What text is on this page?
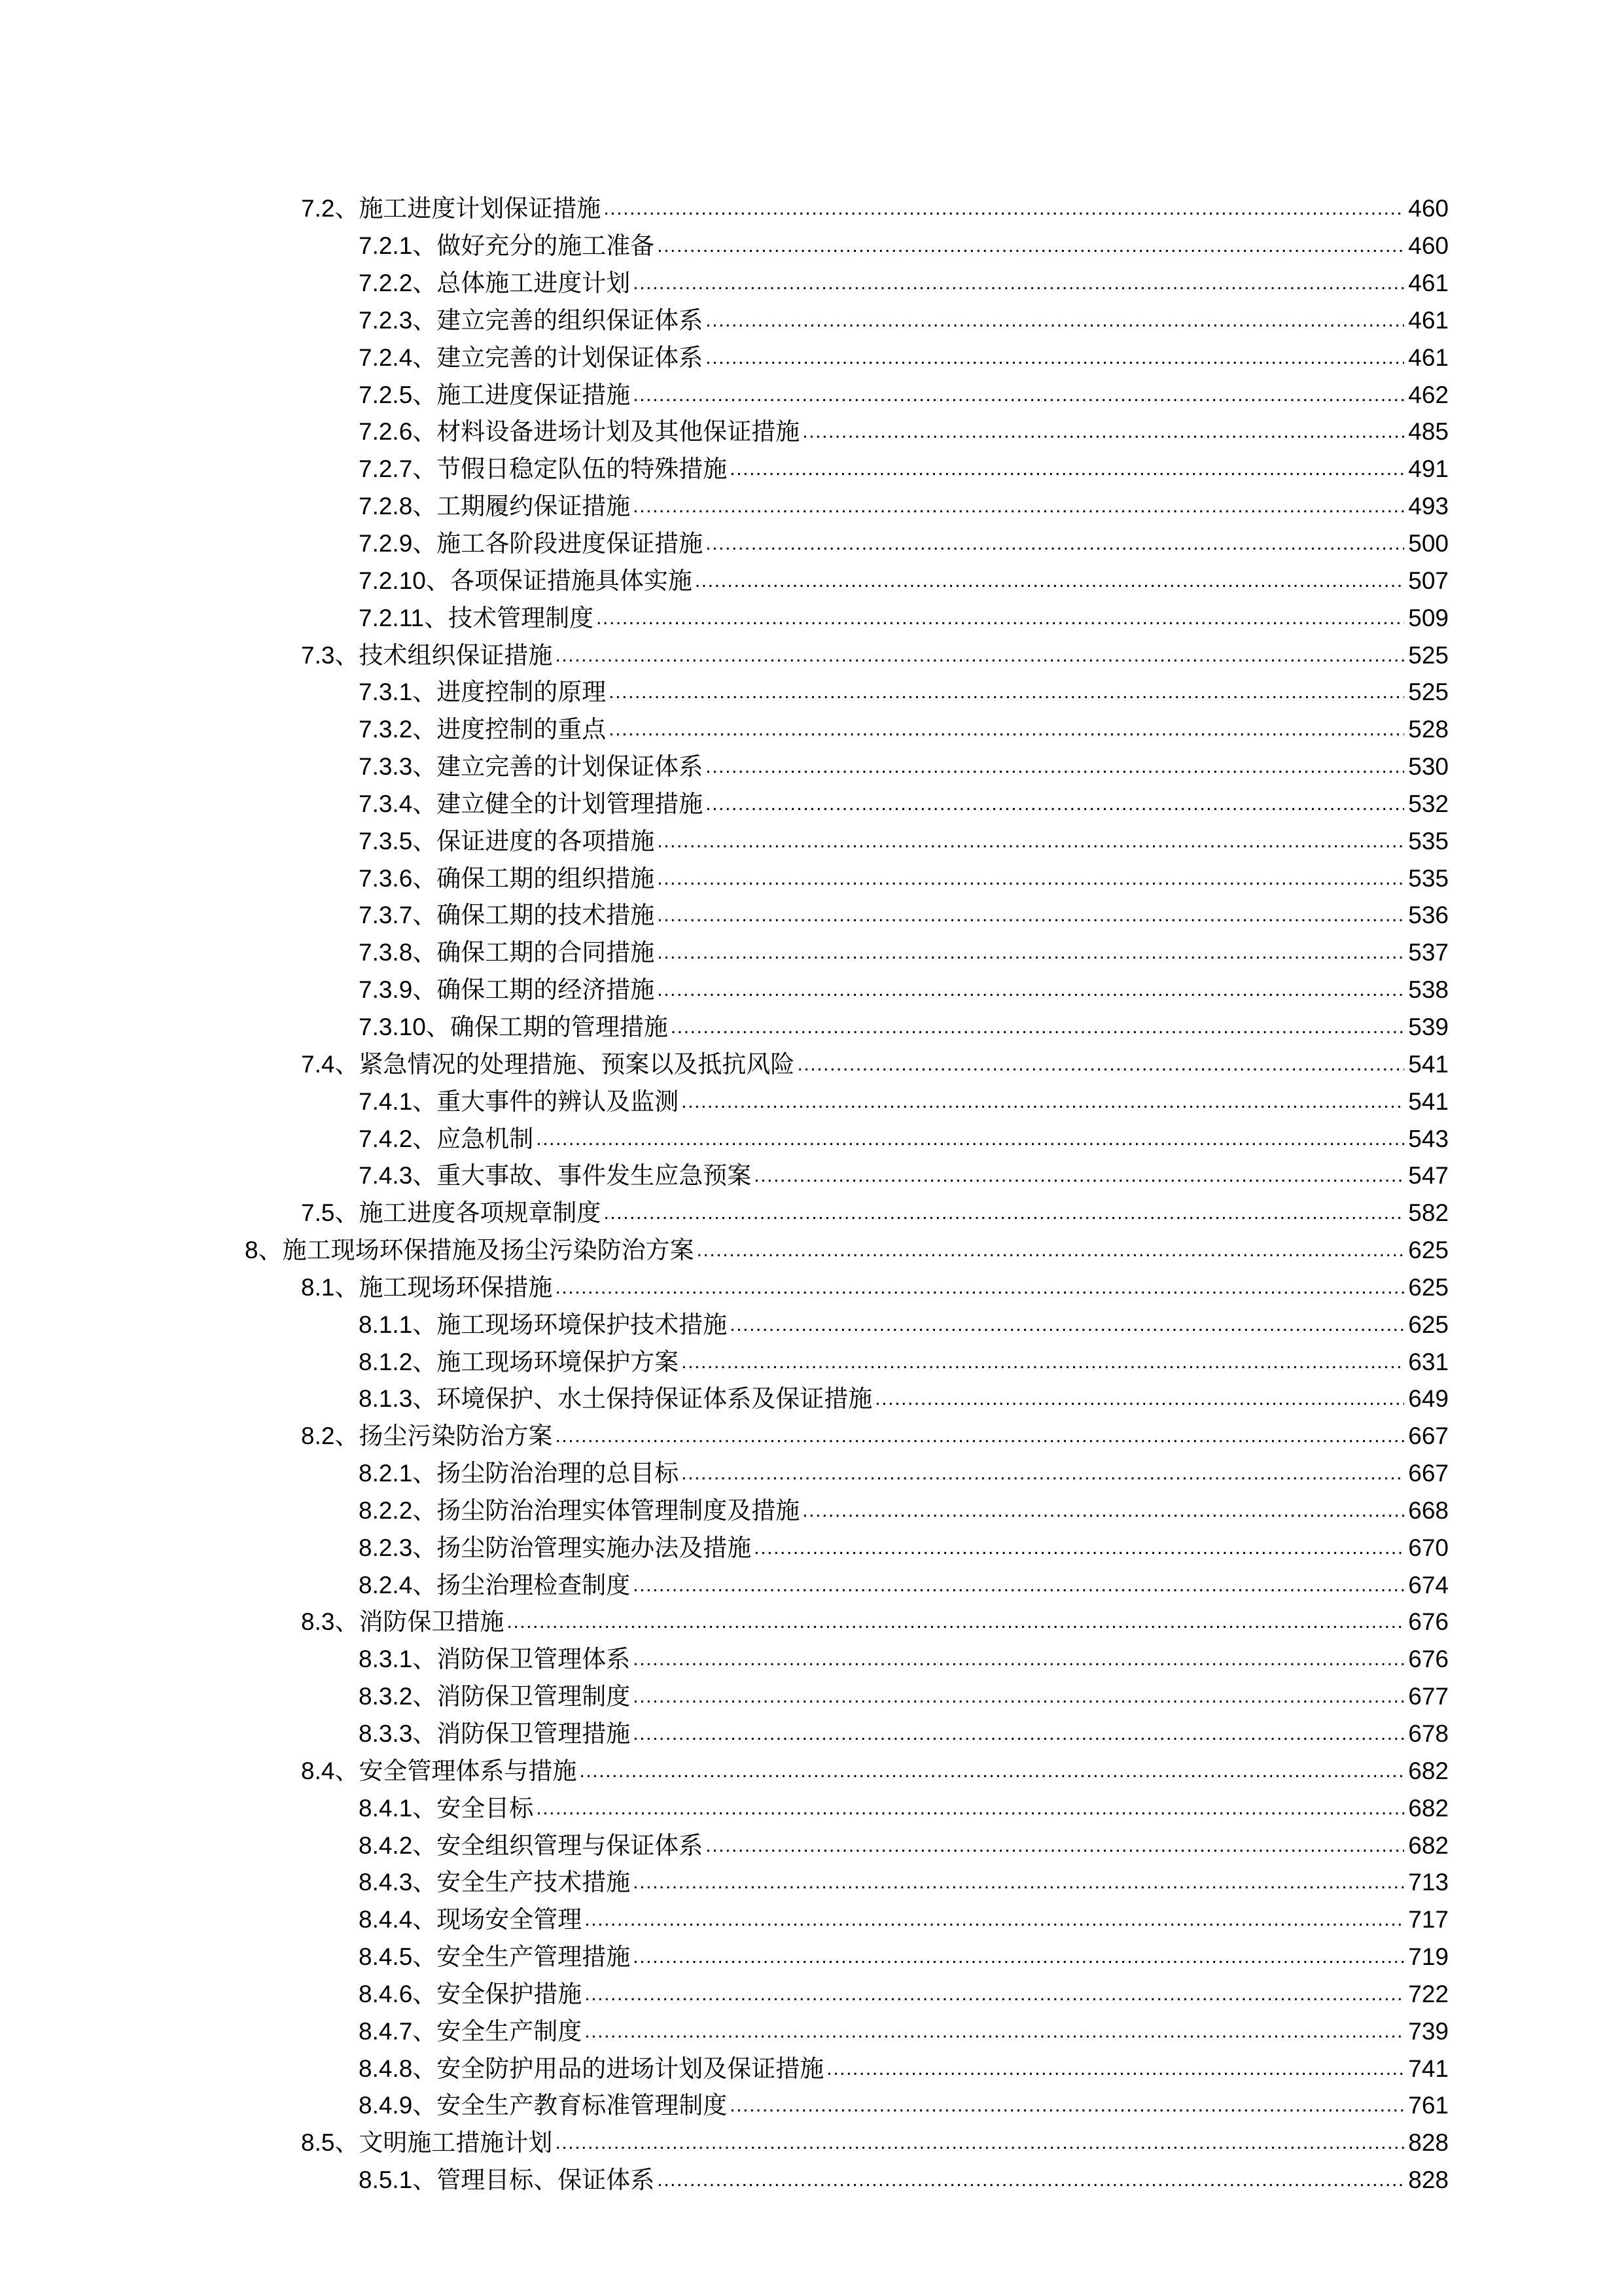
7.2 、 施工进度计划保证措施 .....	460
7.2.1 、 做好充分的施工准备 .....	460
7.2.2 、 总体施工进度计划 .....	461
7.2.3 、 建立完善的组织保证体系 .....	461
7.2.4 、 建立完善的计划保证体系 .....	461
7.2.5 、 施工进度保证措施 .....	462
7.2.6 、 材料设备进场计划及其他保证措施 .....	485
7.2.7 、 节假日稳定队伍的特殊措施 .....	491
7.2.8 、 工期履约保证措施 .....	493
7.2.9 、 施工各阶段进度保证措施 .....	500
7.2.10 、 各项保证措施具体实施 .....	507
7.2.11 、 技术管理制度 .....	509
7.3 、 技术组织保证措施 .....	525
7.3.1 、 进度控制的原理 .....	525
7.3.2 、 进度控制的重点 .....	528
7.3.3 、 建立完善的计划保证体系 .....	530
7.3.4 、 建立健全的计划管理措施 .....	532
7.3.5 、 保证进度的各项措施 .....	535
7.3.6 、 确保工期的组织措施 .....	535
7.3.7 、 确保工期的技术措施 .....	536
7.3.8 、 确保工期的合同措施 .....	537
7.3.9 、 确保工期的经济措施 .....	538
7.3.10 、 确保工期的管理措施 .....	539
7.4 、 紧急情况的处理措施、预案以及抵抗风险 .....	541
7.4.1 、 重大事件的辨认及监测 .....	541
7.4.2 、 应急机制 .....	543
7.4.3 、 重大事故、事件发生应急预案 .....	547
7.5 、 施工进度各项规章制度 .....	582
8 、 施工现场环保措施及扬尘污染防治方案 .....	625
8.1 、 施工现场环保措施 .....	625
8.1.1 、 施工现场环境保护技术措施 .....	625
8.1.2 、 施工现场环境保护方案 .....	631
8.1.3 、 环境保护、水土保持保证体系及保证措施 .....	649
8.2 、 扬尘污染防治方案 .....	667
8.2.1 、 扬尘防治治理的总目标 .....	667
8.2.2 、 扬尘防治治理实体管理制度及措施 .....	668
8.2.3 、 扬尘防治管理实施办法及措施 .....	670
8.2.4 、 扬尘治理检查制度 .....	674
8.3 、 消防保卫措施 .....	676
8.3.1 、 消防保卫管理体系 .....	676
8.3.2 、 消防保卫管理制度 .....	677
8.3.3 、 消防保卫管理措施 .....	678
8.4 、 安全管理体系与措施 .....	682
8.4.1 、 安全目标 .....	682
8.4.2 、 安全组织管理与保证体系 .....	682
8.4.3 、 安全生产技术措施 .....	713
8.4.4 、 现场安全管理 .....	717
8.4.5 、 安全生产管理措施 .....	719
8.4.6 、 安全保护措施 .....	722
8.4.7 、 安全生产制度 .....	739
8.4.8 、 安全防护用品的进场计划及保证措施 .....	741
8.4.9 、 安全生产教育标准管理制度 .....	761
8.5 、 文明施工措施计划 .....	828
8.5.1 、 管理目标、保证体系 .....	828
